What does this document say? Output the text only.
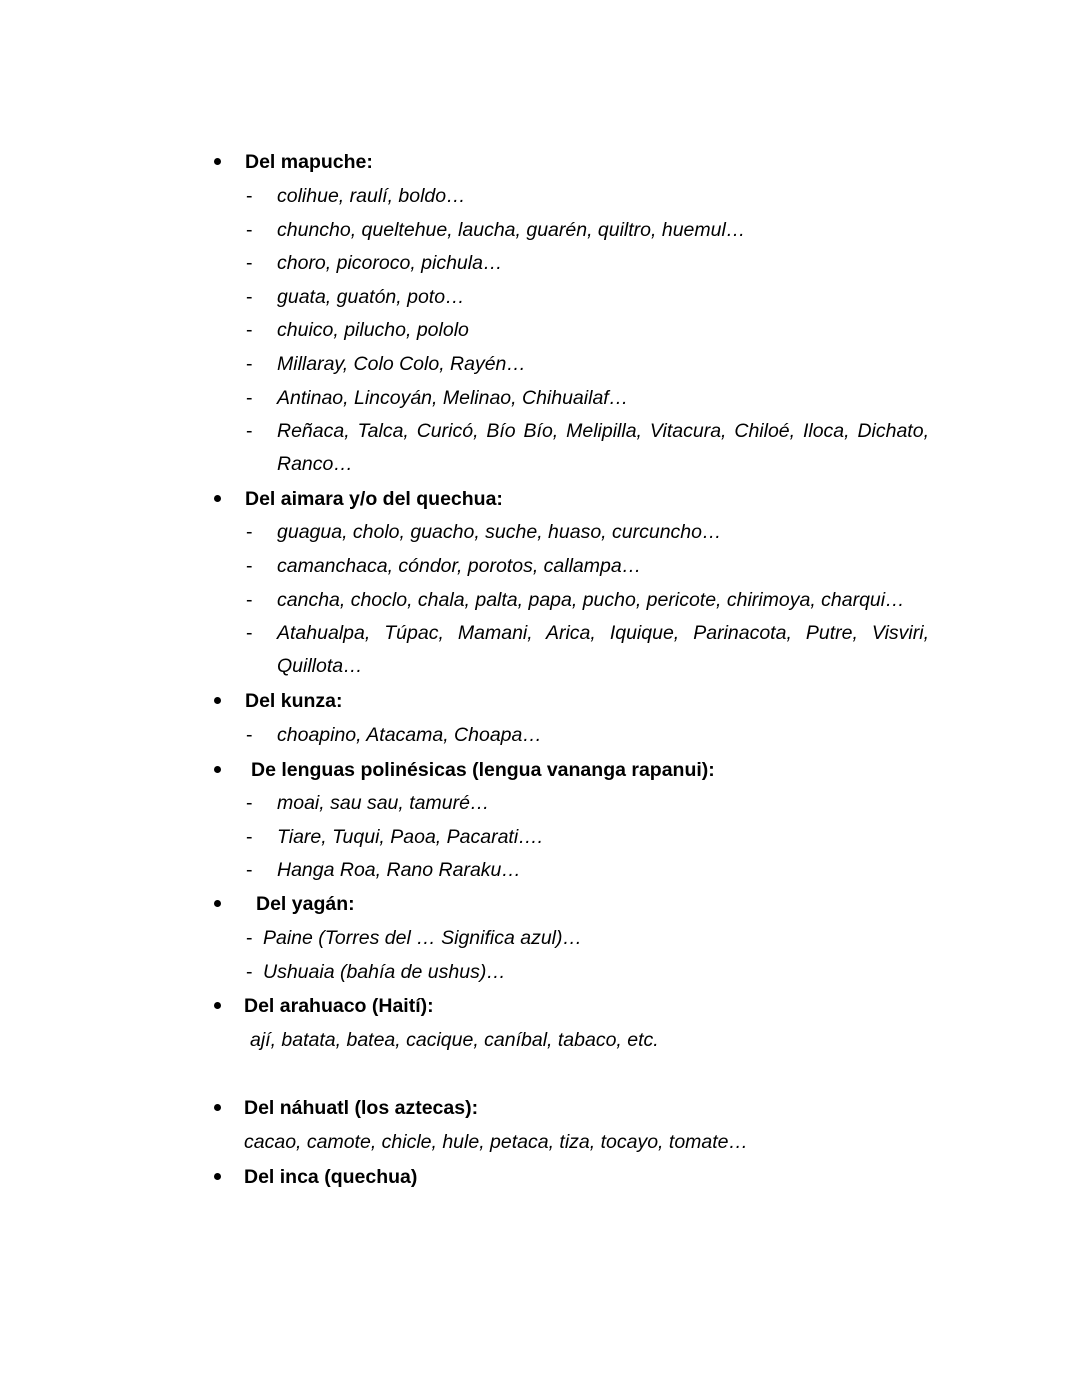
Del mapuche:
- colihue, raulí, boldo…
- chuncho, queltehue, laucha, guarén, quiltro, huemul…
- choro, picoroco, pichula…
- guata, guatón, poto…
- chuico, pilucho, pololo
- Millaray, Colo Colo, Rayén…
- Antinao, Lincoyán, Melinao, Chihuailaf…
- Reñaca, Talca, Curicó, Bío Bío, Melipilla, Vitacura, Chiloé, Iloca, Dichato,
Ranco…
Del aimara y/o del quechua:
- guagua, cholo, guacho, suche, huaso, curcuncho…
- camanchaca, cóndor, porotos, callampa…
- cancha, choclo, chala, palta, papa, pucho, pericote, chirimoya, charqui…
- Atahualpa, Túpac, Mamani, Arica, Iquique, Parinacota, Putre, Visviri,
Quillota…
Del kunza:
- choapino, Atacama, Choapa…
De lenguas polinésicas (lengua vananga rapanui):
- moai, sau sau, tamuré…
- Tiare, Tuqui, Paoa, Pacarati….
- Hanga Roa, Rano Raraku…
Del yagán:
- Paine (Torres del … Significa azul)…
- Ushuaia (bahía de ushus)…
Del arahuaco (Haití):
ají, batata, batea, cacique, caníbal, tabaco, etc.
Del náhuatl (los aztecas):
cacao, camote, chicle, hule, petaca, tiza, tocayo, tomate…
Del inca (quechua)
